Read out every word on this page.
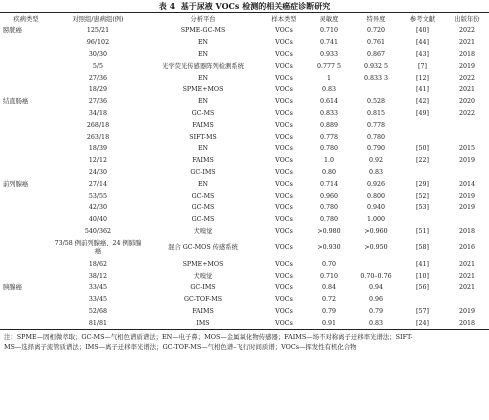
表 4 基于尿液 VOCs 检测的相关癌症诊断研究
疾病类型	对照组/患病组(例)	分析平台	样本类型	灵敏度	特异度	参考文献	出版年份
膀胱癌	125/21	SPME-GC-MS	VOCs	0.710	0.720	[40]	2022
	96/102	EN	VOCs	0.741	0.761	[44]	2021
	30/30	EN	VOCs	0.933	0.867	[43]	2018
	5/5	光学荧光传感器阵列检测系统	VOCs	0.777 5	0.932 5	[7]	2019
	27/36	EN	VOCs	1	0.833 3	[12]	2022
	18/29	SPME+MOS	VOCs	0.83		[41]	2021
结直肠癌	27/36	EN	VOCs	0.614	0.528	[42]	2020
	34/18	GC-MS	VOCs	0.833	0.815	[49]	2022
	268/18	FAIMS	VOCs	0.889	0.778		
	263/18	SIFT-MS	VOCs	0.778	0.780		
	18/39	EN	VOCs	0.780	0.790	[50]	2015
	12/12	FAIMS	VOCs	1.0	0.92	[22]	2019
	24/30	GC-IMS	VOCs	0.80	0.83		
前列腺癌	27/14	EN	VOCs	0.714	0.926	[29]	2014
	53/55	GC-MS	VOCs	0.960	0.800	[52]	2019
	42/30	GC-MS	VOCs	0.780	0.940	[53]	2019
	40/40	GC-MS	VOCs	0.780	1.000		
	540/362	犬嗅觉	VOCs	>0.980	>0.960	[51]	2018
	73/58 例前列腺癌、24 例肺腺癌	混合 GC-MOS 传感系统	VOCs	>0.930	>0.950	[58]	2016
	18/62	SPME+MOS	VOCs	0.70		[41]	2021
	38/12	犬嗅觉	VOCs	0.710	0.70–0.76	[10]	2021
胰腺癌	33/45	GC-IMS	VOCs	0.84	0.94	[56]	2021
	33/45	GC-TOF-MS	VOCs	0.72	0.96		
	52/68	FAIMS	VOCs	0.79	0.79	[57]	2019
	81/81	IMS	VOCs	0.91	0.83	[24]	2018
注：SPME—固相微萃取；GC-MS—气相色谱质谱法；EN—电子鼻；MOS—金属氧化物传感器；FAIMS—场不对称离子迁移率光谱法；SIFT-
MS—选择离子流管质谱法；IMS—离子迁移率光谱法；GC-TOF-MS—气相色谱–飞行时间质谱；VOCs—挥发性有机化合物
